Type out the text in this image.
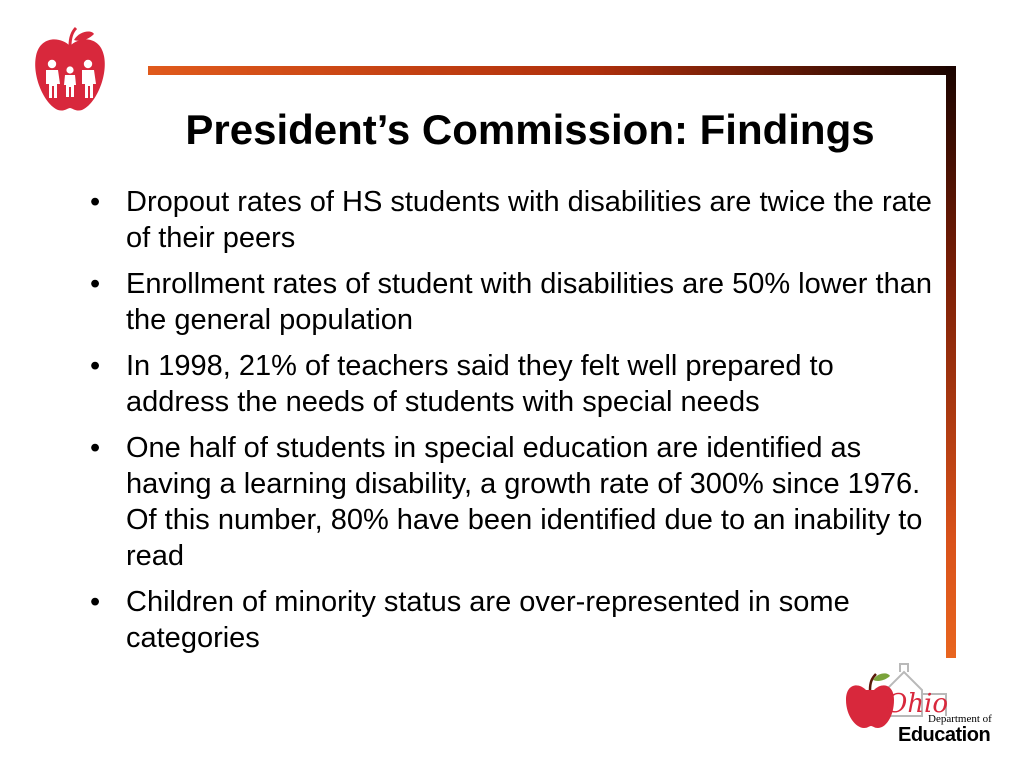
President’s Commission: Findings
• Dropout rates of HS students with disabilities are twice the rate of their peers
• Enrollment rates of student with disabilities are 50% lower than the general population
• In 1998, 21% of teachers said they felt well prepared to address the needs of students with special needs
• One half of students in special education are identified as having a learning disability, a growth rate of 300% since 1976. Of this number, 80% have been identified due to an inability to read
• Children of minority status are over-represented in some categories
Ohio
Department of
Education
